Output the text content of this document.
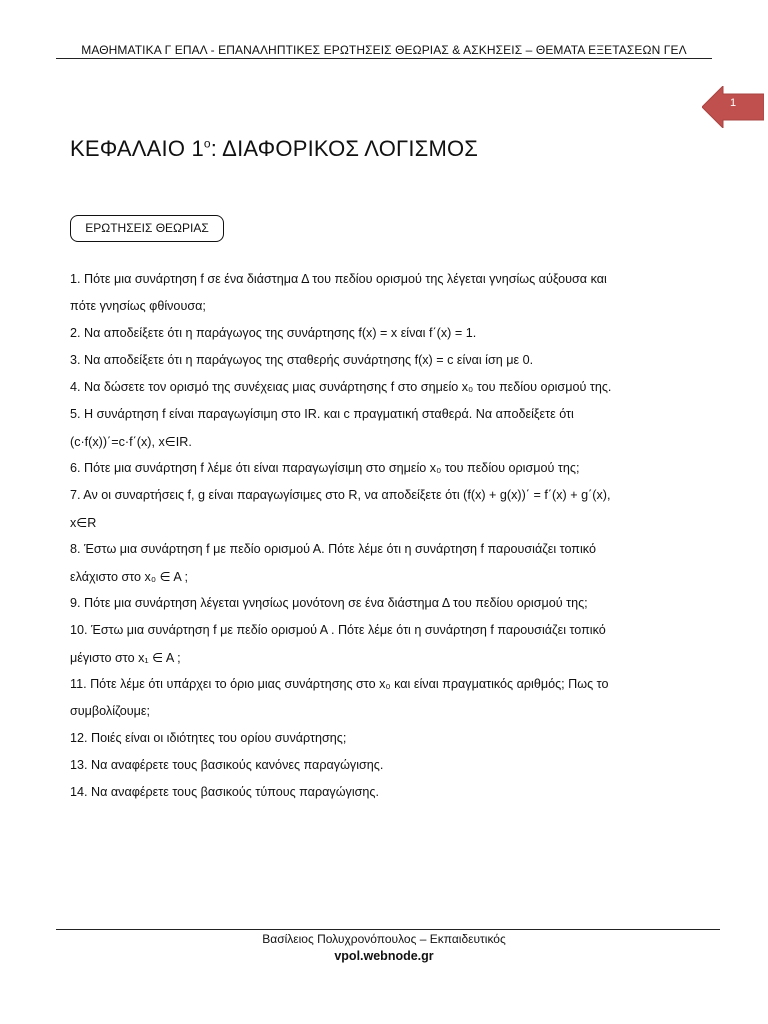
ΜΑΘΗΜΑΤΙΚΑ Γ ΕΠΑΛ - ΕΠΑΝΑΛΗΠΤΙΚΕΣ ΕΡΩΤΗΣΕΙΣ ΘΕΩΡΙΑΣ & ΑΣΚΗΣΕΙΣ – ΘΕΜΑΤΑ ΕΞΕΤΑΣΕΩΝ ΓΕΛ
1
ΚΕΦΑΛΑΙΟ $1^o$: ΔΙΑΦΟΡΙΚΟΣ ΛΟΓΙΣΜΟΣ
ΕΡΩΤΗΣΕΙΣ ΘΕΩΡΙΑΣ
1. Πότε μια συνάρτηση f σε ένα διάστημα Δ του πεδίου ορισμού της λέγεται γνησίως αύξουσα και
πότε γνησίως φθίνουσα;
2. Να αποδείξετε ότι η παράγωγος της συνάρτησης f(x) = x είναι f΄(x) = 1.
3. Να αποδείξετε ότι η παράγωγος της σταθερής συνάρτησης f(x) = c είναι ίση με 0.
4. Να δώσετε τον ορισμό της συνέχειας μιας συνάρτησης f στο σημείο x₀ του πεδίου ορισμού της.
5. Η συνάρτηση f είναι παραγωγίσιμη στο IR. και c πραγματική σταθερά. Να αποδείξετε ότι
(c·f(x))΄=c·f΄(x), x∈IR.
6. Πότε μια συνάρτηση f λέμε ότι είναι παραγωγίσιμη στο σημείο x₀ του πεδίου ορισμού της;
7. Αν οι συναρτήσεις f, g είναι παραγωγίσιμες στο R, να αποδείξετε ότι (f(x) + g(x))΄ = f΄(x) + g΄(x),
x∈R
8. Έστω μια συνάρτηση f με πεδίο ορισμού Α. Πότε λέμε ότι η συνάρτηση f παρουσιάζει τοπικό
ελάχιστο στο x₀ ∈ A ;
9. Πότε μια συνάρτηση λέγεται γνησίως μονότονη σε ένα διάστημα Δ του πεδίου ορισμού της;
10. Έστω μια συνάρτηση f με πεδίο ορισμού Α . Πότε λέμε ότι η συνάρτηση f παρουσιάζει τοπικό
μέγιστο στο x₁ ∈ A ;
11. Πότε λέμε ότι υπάρχει το όριο μιας συνάρτησης στο x₀ και είναι πραγματικός αριθμός; Πως το
συμβολίζουμε;
12. Ποιές είναι οι ιδιότητες του ορίου συνάρτησης;
13. Να αναφέρετε τους βασικούς κανόνες παραγώγισης.
14. Να αναφέρετε τους βασικούς τύπους παραγώγισης.
Βασίλειος Πολυχρονόπουλος – Εκπαιδευτικός
vpol.webnode.gr
